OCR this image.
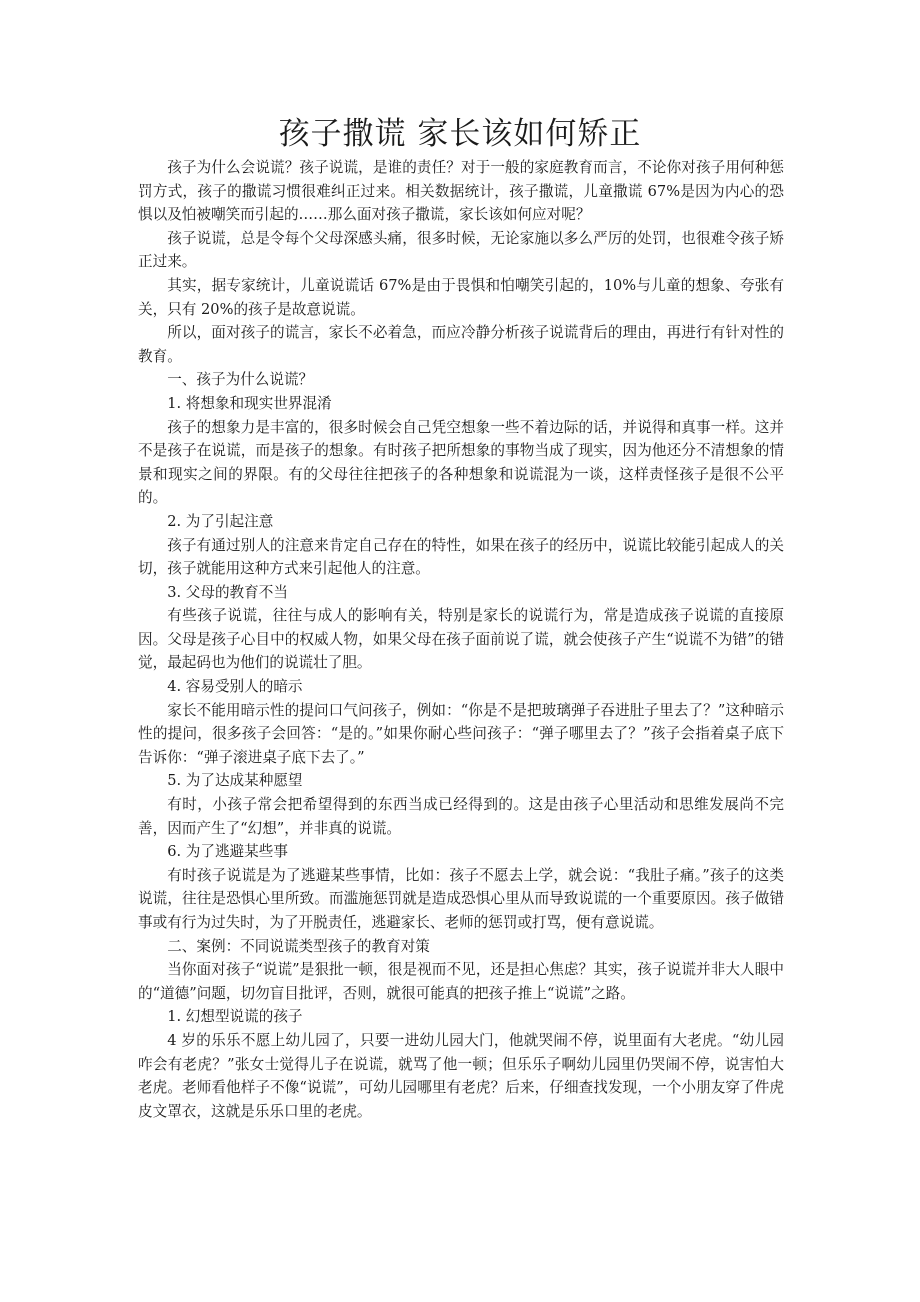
孩子撒谎 家长该如何矫正

孩子为什么会说谎？孩子说谎，是谁的责任？对于一般的家庭教育而言，不论你对孩子用何种惩罚方式，孩子的撒谎习惯很难纠正过来。相关数据统计，孩子撒谎，儿童撒谎 67%是因为内心的恐惧以及怕被嘲笑而引起的……那么面对孩子撒谎，家长该如何应对呢？

孩子说谎，总是令每个父母深感头痛，很多时候，无论家施以多么严厉的处罚，也很难令孩子矫正过来。

其实，据专家统计，儿童说谎话 67%是由于畏惧和怕嘲笑引起的，10%与儿童的想象、夸张有关，只有 20%的孩子是故意说谎。

所以，面对孩子的谎言，家长不必着急，而应冷静分析孩子说谎背后的理由，再进行有针对性的教育。

一、孩子为什么说谎？

1. 将想象和现实世界混淆

孩子的想象力是丰富的，很多时候会自己凭空想象一些不着边际的话，并说得和真事一样。这并不是孩子在说谎，而是孩子的想象。有时孩子把所想象的事物当成了现实，因为他还分不清想象的情景和现实之间的界限。有的父母往往把孩子的各种想象和说谎混为一谈，这样责怪孩子是很不公平的。

2. 为了引起注意

孩子有通过别人的注意来肯定自己存在的特性，如果在孩子的经历中，说谎比较能引起成人的关切，孩子就能用这种方式来引起他人的注意。

3. 父母的教育不当

有些孩子说谎，往往与成人的影响有关，特别是家长的说谎行为，常是造成孩子说谎的直接原因。父母是孩子心目中的权威人物，如果父母在孩子面前说了谎，就会使孩子产生“说谎不为错”的错觉，最起码也为他们的说谎壮了胆。

4. 容易受别人的暗示

家长不能用暗示性的提问口气问孩子，例如：“你是不是把玻璃弹子吞进肚子里去了？”这种暗示性的提问，很多孩子会回答：“是的。”如果你耐心些问孩子：“弹子哪里去了？”孩子会指着桌子底下告诉你：“弹子滚进桌子底下去了。”

5. 为了达成某种愿望

有时，小孩子常会把希望得到的东西当成已经得到的。这是由孩子心里活动和思维发展尚不完善，因而产生了“幻想”，并非真的说谎。

6. 为了逃避某些事

有时孩子说谎是为了逃避某些事情，比如：孩子不愿去上学，就会说：“我肚子痛。”孩子的这类说谎，往往是恐惧心里所致。而滥施惩罚就是造成恐惧心里从而导致说谎的一个重要原因。孩子做错事或有行为过失时，为了开脱责任，逃避家长、老师的惩罚或打骂，便有意说谎。

二、案例：不同说谎类型孩子的教育对策

当你面对孩子“说谎”是狠批一顿，很是视而不见，还是担心焦虑？其实，孩子说谎并非大人眼中的“道德”问题，切勿盲目批评，否则，就很可能真的把孩子推上“说谎”之路。

1. 幻想型说谎的孩子

4 岁的乐乐不愿上幼儿园了，只要一进幼儿园大门，他就哭闹不停，说里面有大老虎。“幼儿园咋会有老虎？”张女士觉得儿子在说谎，就骂了他一顿；但乐乐子啊幼儿园里仍哭闹不停，说害怕大老虎。老师看他样子不像“说谎”，可幼儿园哪里有老虎？后来，仔细查找发现，一个小朋友穿了件虎皮文罩衣，这就是乐乐口里的老虎。
